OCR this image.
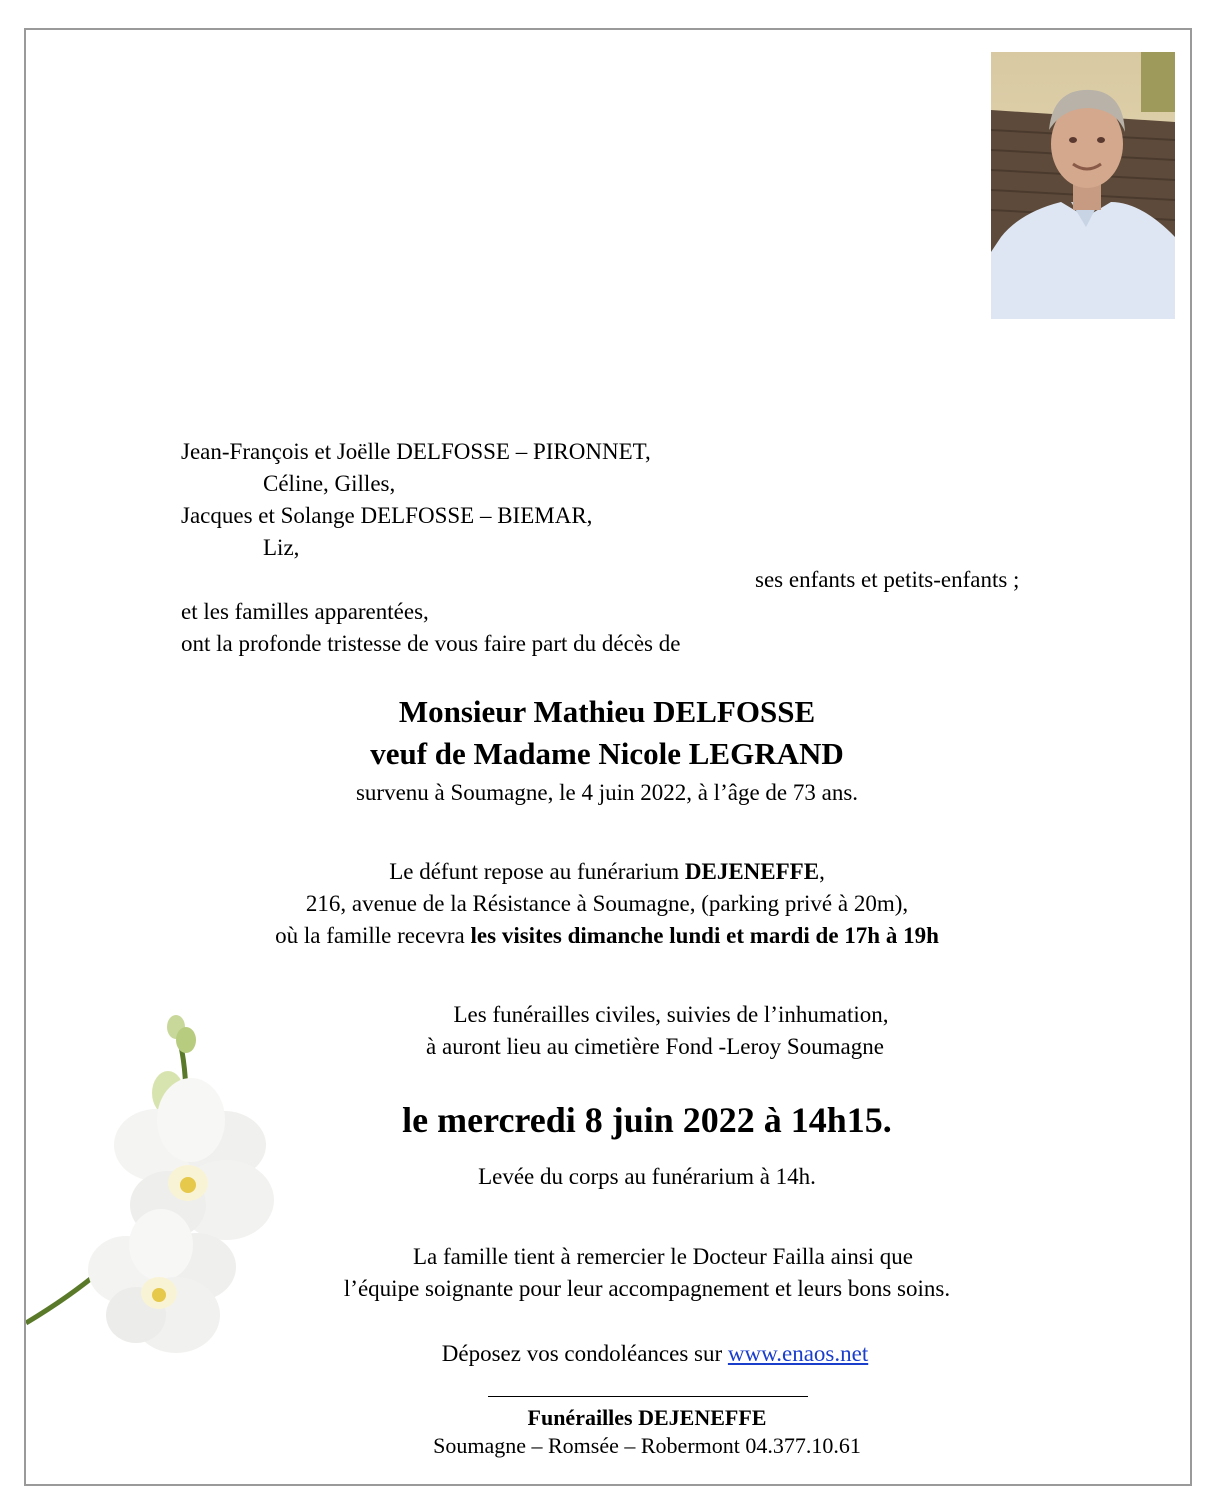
Jean-François et Joëlle DELFOSSE – PIRONNET,
Céline, Gilles,
Jacques et Solange DELFOSSE – BIEMAR,
Liz,
ses enfants et petits-enfants ;
et les familles apparentées,
ont la profonde tristesse de vous faire part du décès de
Monsieur Mathieu DELFOSSE
veuf de Madame Nicole LEGRAND
survenu à Soumagne, le 4 juin 2022, à l’âge de 73 ans.
Le défunt repose au funérarium DEJENEFFE,
216, avenue de la Résistance à Soumagne, (parking privé à 20m),
où la famille recevra les visites dimanche lundi et mardi de 17h à 19h
Les funérailles civiles, suivies de l’inhumation,
à auront lieu au cimetière Fond -Leroy Soumagne
le mercredi 8 juin 2022 à 14h15.
Levée du corps au funérarium à 14h.
La famille tient à remercier le Docteur Failla ainsi que
l’équipe soignante pour leur accompagnement et leurs bons soins.
Déposez vos condoléances sur www.enaos.net
Funérailles DEJENEFFE
Soumagne – Romsée – Robermont 04.377.10.61
